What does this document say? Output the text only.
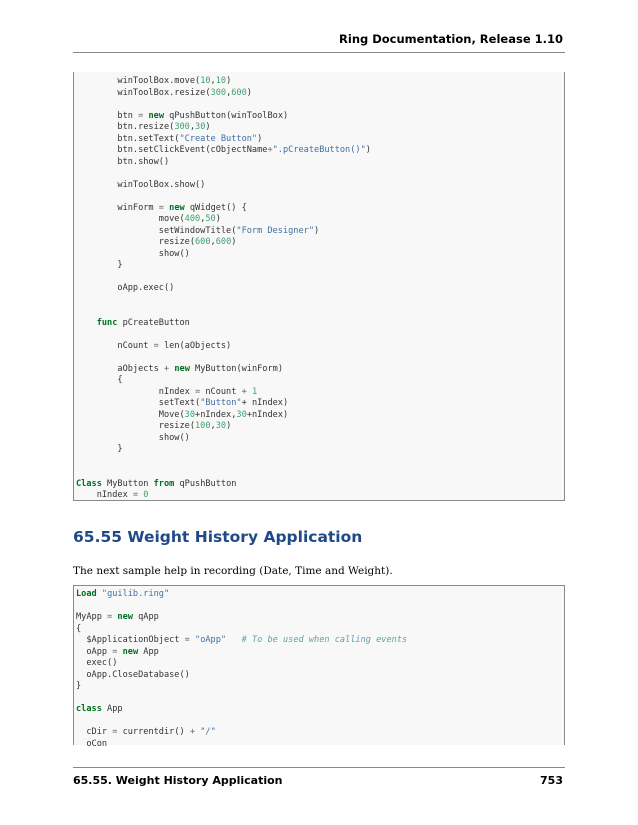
Ring Documentation, Release 1.10
winToolBox.move(10,10)
winToolBox.resize(300,600)

btn = new qPushButton(winToolBox)
btn.resize(300,30)
btn.setText("Create Button")
btn.setClickEvent(cObjectName+".pCreateButton()")
btn.show()

winToolBox.show()

winForm = new qWidget() {
move(400,50)
setWindowTitle("Form Designer")
resize(600,600)
show()
}

oApp.exec()

func pCreateButton

nCount = len(aObjects)

aObjects + new MyButton(winForm)
{
nIndex = nCount + 1
setText("Button"+ nIndex)
Move(30+nIndex,30+nIndex)
resize(100,30)
show()
}

Class MyButton from qPushButton
nIndex = 0

65.55 Weight History Application

The next sample help in recording (Date, Time and Weight).

Load "guilib.ring"

MyApp = new qApp
{
$ApplicationObject = "oApp" # To be used when calling events
oApp = new App
exec()
oApp.CloseDatabase()
}

class App

cDir = currentdir() + "/"
oCon

65.55. Weight History Application	753
